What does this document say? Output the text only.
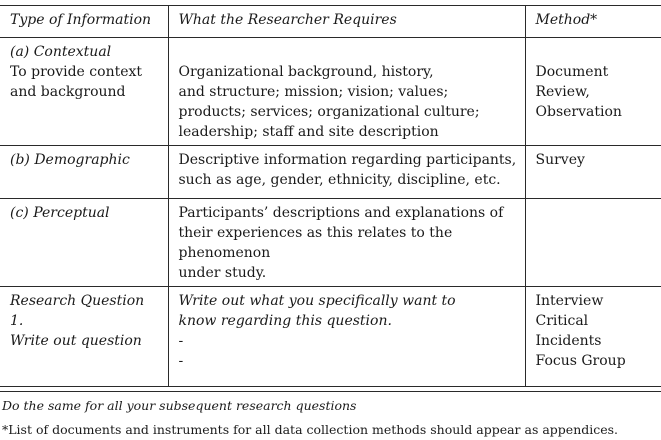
Type of Information	What the Researcher Requires	Method*

(a) Contextual
To provide context
and background	Organizational background, history,
and structure; mission; vision; values;
products; services; organizational culture;
leadership; staff and site description	Document
Review,
Observation

(b) Demographic	Descriptive information regarding participants,
such as age, gender, ethnicity, discipline, etc.	Survey

(c) Perceptual	Participants’ descriptions and explanations of
their experiences as this relates to the phenomenon
under study.	

Research Question 1.
Write out question	Write out what you specifically want to
know regarding this question.
-
-	Interview
Critical Incidents
Focus Group
Do the same for all your subsequent research questions
*List of documents and instruments for all data collection methods should appear as appendices.
